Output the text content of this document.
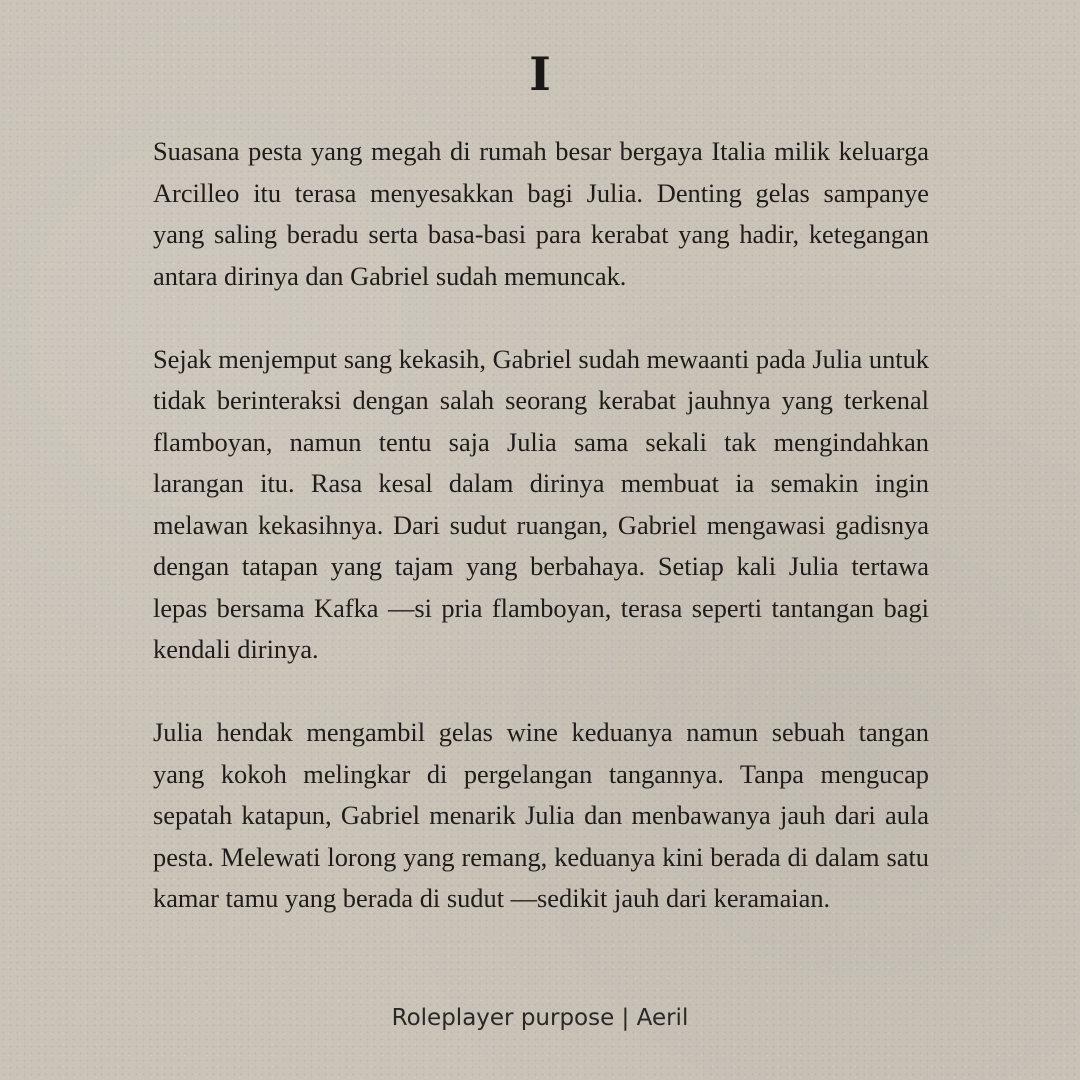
I

Suasana pesta yang megah di rumah besar bergaya Italia milik keluarga Arcilleo itu terasa menyesakkan bagi Julia. Denting gelas sampanye yang saling beradu serta basa-basi para kerabat yang hadir, ketegangan antara dirinya dan Gabriel sudah memuncak.

Sejak menjemput sang kekasih, Gabriel sudah mewaanti pada Julia untuk tidak berinteraksi dengan salah seorang kerabat jauhnya yang terkenal flamboyan, namun tentu saja Julia sama sekali tak mengindahkan larangan itu. Rasa kesal dalam dirinya membuat ia semakin ingin melawan kekasihnya. Dari sudut ruangan, Gabriel mengawasi gadisnya dengan tatapan yang tajam yang berbahaya. Setiap kali Julia tertawa lepas bersama Kafka —si pria flamboyan, terasa seperti tantangan bagi kendali dirinya.

Julia hendak mengambil gelas wine keduanya namun sebuah tangan yang kokoh melingkar di pergelangan tangannya. Tanpa mengucap sepatah katapun, Gabriel menarik Julia dan menbawanya jauh dari aula pesta. Melewati lorong yang remang, keduanya kini berada di dalam satu kamar tamu yang berada di sudut —sedikit jauh dari keramaian.

Roleplayer purpose | Aeril
